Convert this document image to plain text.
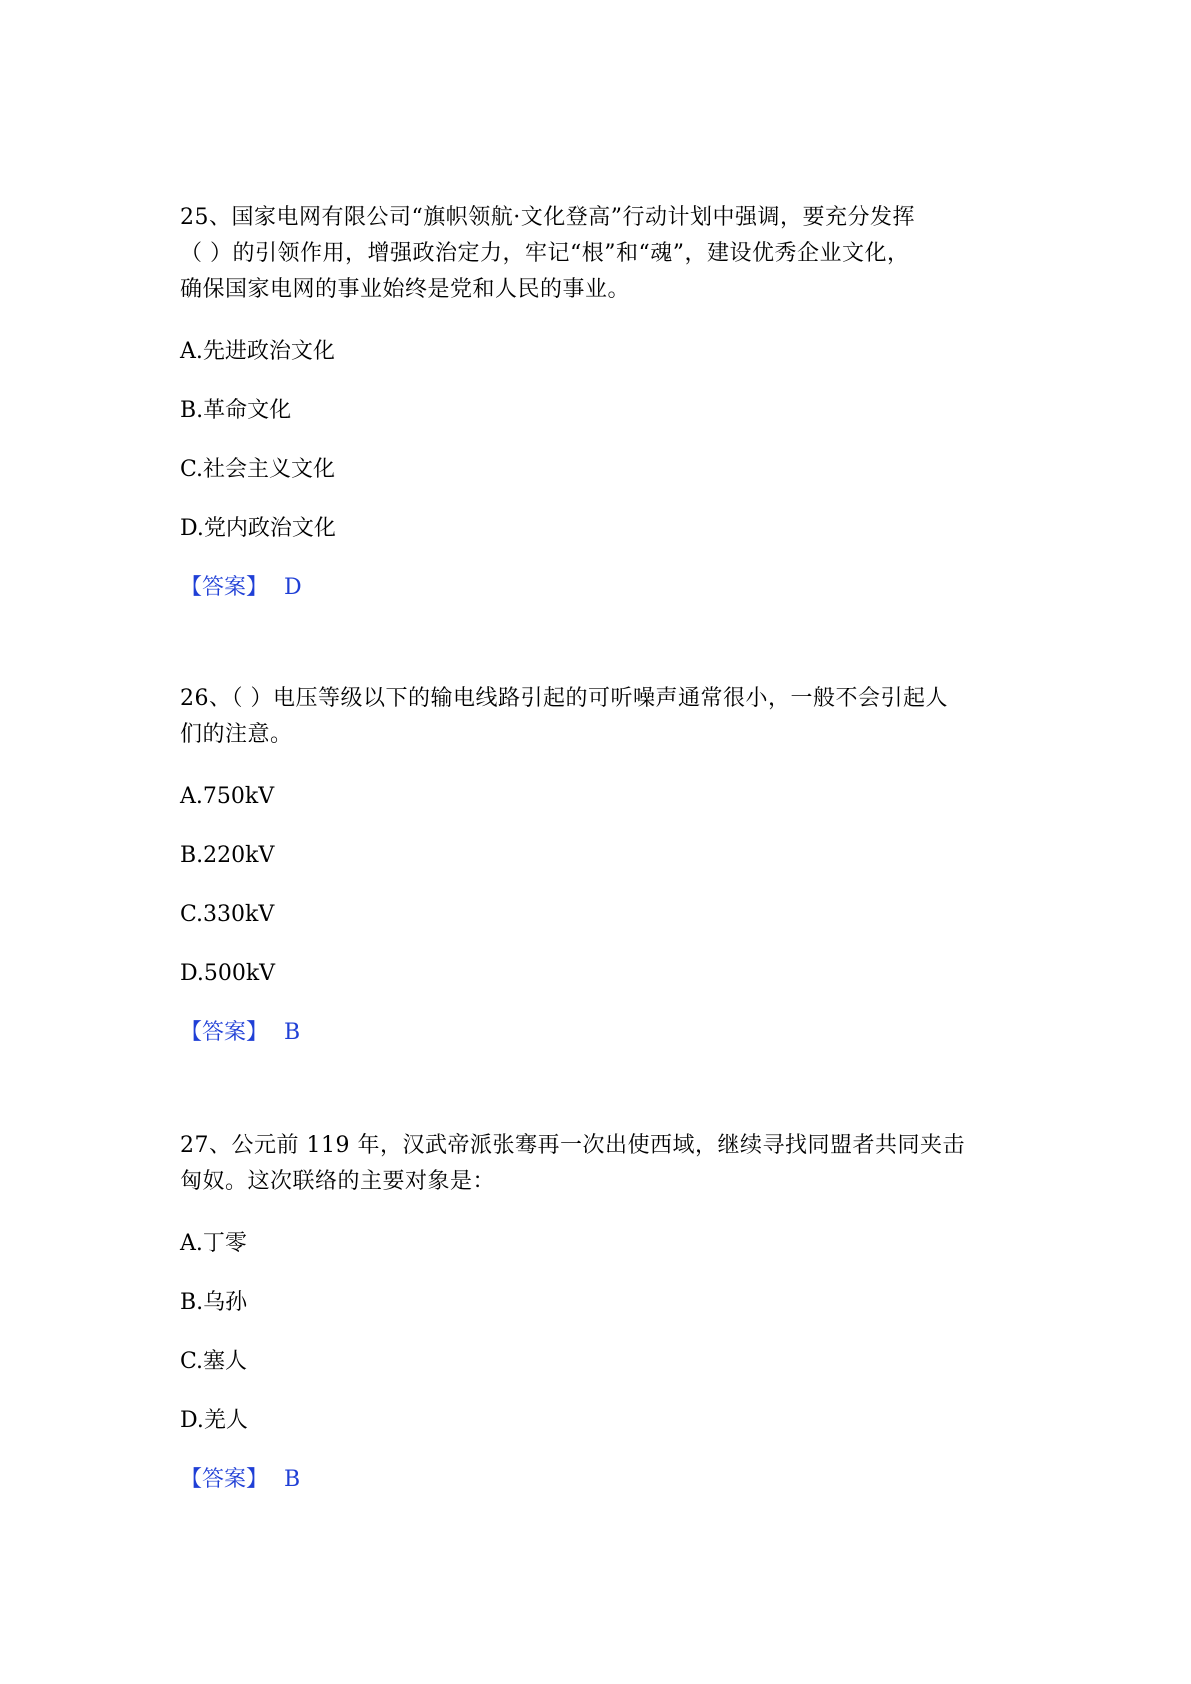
25、国家电网有限公司“旗帜领航·文化登高”行动计划中强调，要充分发挥
（ ）的引领作用，增强政治定力，牢记“根”和“魂”，建设优秀企业文化，
确保国家电网的事业始终是党和人民的事业。

A.先进政治文化
B.革命文化
C.社会主义文化
D.党内政治文化
【答案】 D

26、（ ）电压等级以下的输电线路引起的可听噪声通常很小，一般不会引起人
们的注意。

A.750kV
B.220kV
C.330kV
D.500kV
【答案】 B

27、公元前 119 年，汉武帝派张骞再一次出使西域，继续寻找同盟者共同夹击
匈奴。这次联络的主要对象是：

A.丁零
B.乌孙
C.塞人
D.羌人
【答案】 B
